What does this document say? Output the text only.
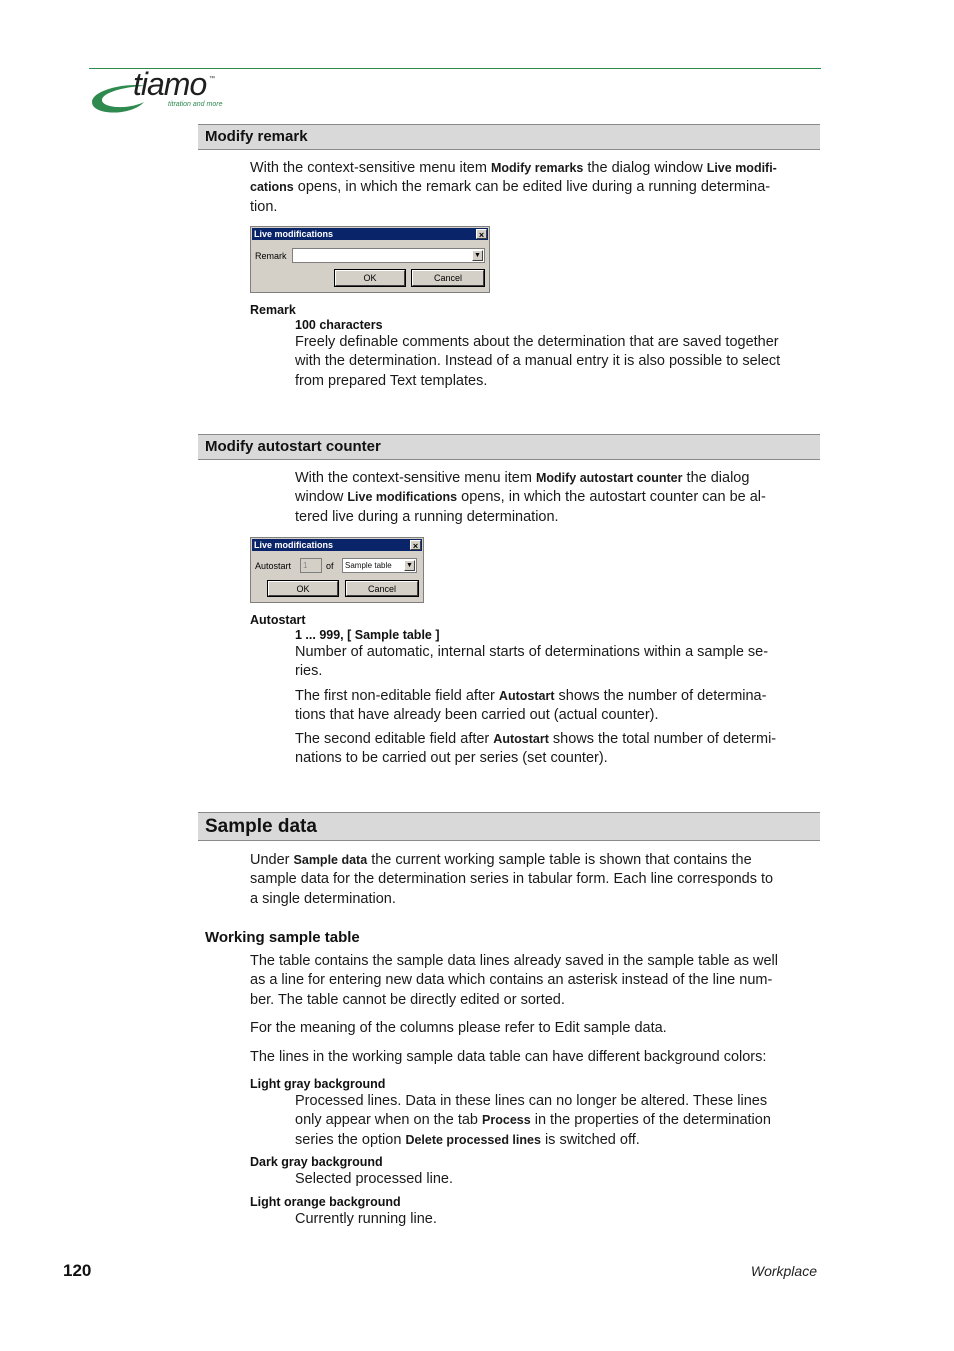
tiamo ™
titration and more
Modify remark
With the context-sensitive menu item Modify remarks the dialog window Live modifi-
cations opens, in which the remark can be edited live during a running determina-
tion.
Live modifications	×
Remark	▼
OK	Cancel
Remark
100 characters
Freely definable comments about the determination that are saved together
with the determination. Instead of a manual entry it is also possible to select
from prepared Text templates.
Modify autostart counter
With the context-sensitive menu item Modify autostart counter the dialog
window Live modifications opens, in which the autostart counter can be al-
tered live during a running determination.
Live modifications	×
Autostart	1	of	Sample table ▼
OK	Cancel
Autostart
1 ... 999, [ Sample table ]
Number of automatic, internal starts of determinations within a sample se-
ries.
The first non-editable field after Autostart shows the number of determina-
tions that have already been carried out (actual counter).
The second editable field after Autostart shows the total number of determi-
nations to be carried out per series (set counter).
Sample data
Under Sample data the current working sample table is shown that contains the
sample data for the determination series in tabular form. Each line corresponds to
a single determination.
Working sample table
The table contains the sample data lines already saved in the sample table as well
as a line for entering new data which contains an asterisk instead of the line num-
ber. The table cannot be directly edited or sorted.
For the meaning of the columns please refer to Edit sample data.
The lines in the working sample data table can have different background colors:
Light gray background
Processed lines. Data in these lines can no longer be altered. These lines
only appear when on the tab Process in the properties of the determination
series the option Delete processed lines is switched off.
Dark gray background
Selected processed line.
Light orange background
Currently running line.
120	Workplace
